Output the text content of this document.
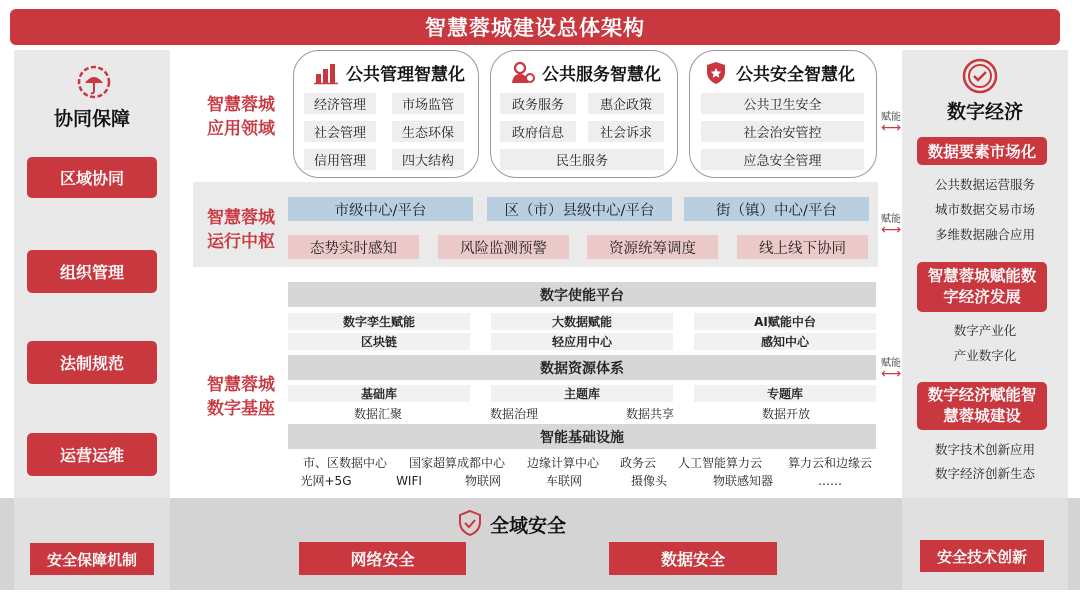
智慧蓉城建设总体架构
协同保障
区域协同
组织管理
法制规范
运营运维
数字经济
数据要素市场化
公共数据运营服务
城市数据交易市场
多维数据融合应用
智慧蓉城赋能数字经济发展
数字产业化
产业数字化
数字经济赋能智慧蓉城建设
数字技术创新应用
数字经济创新生态
全域安全
网络安全	数据安全
安全保障机制	安全技术创新
智慧蓉城应用领域
公共管理智慧化
经济管理	市场监管
社会管理	生态环保
信用管理	四大结构
公共服务智慧化
政务服务	惠企政策
政府信息	社会诉求
民生服务
公共安全智慧化
公共卫生安全
社会治安管控
应急安全管理
赋能
⟷
赋能
⟷
赋能
⟷
智慧蓉城运行中枢
市级中心/平台	区（市）县级中心/平台	街（镇）中心/平台
态势实时感知	风险监测预警	资源统筹调度	线上线下协同
智慧蓉城数字基座
数字使能平台
数字孪生赋能	大数据赋能	AI赋能中台
区块链	轻应用中心	感知中心
数据资源体系
基础库	主题库	专题库
数据汇聚	数据治理	数据共享	数据开放
智能基础设施
市、区数据中心	国家超算成都中心	边缘计算中心	政务云	人工智能算力云	算力云和边缘云
光网+5G	WIFI	物联网	车联网	摄像头	物联感知器	……
